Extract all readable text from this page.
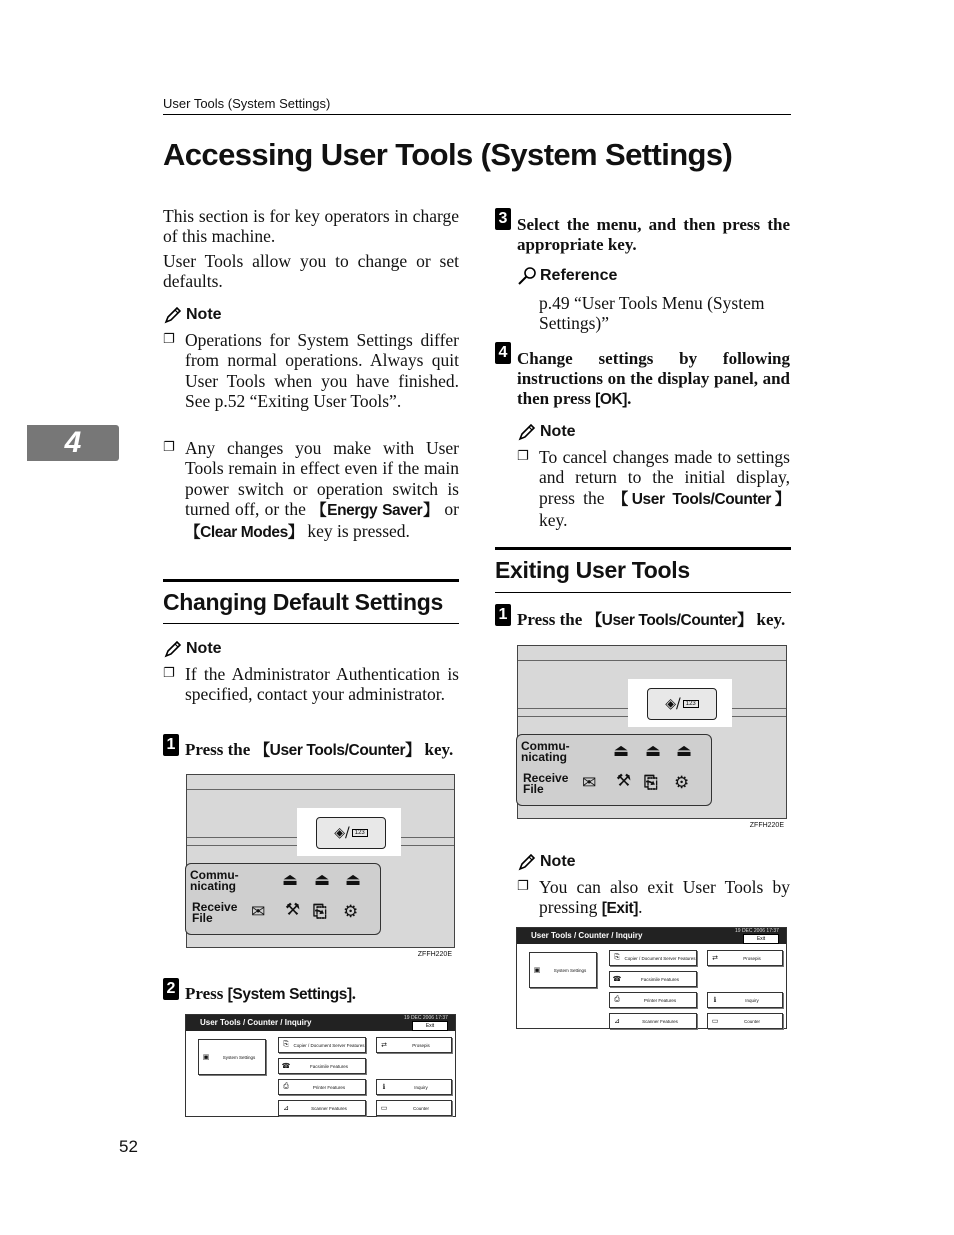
User Tools (System Settings)
Accessing User Tools (System Settings)
4
This section is for key operators in charge of this machine.
User Tools allow you to change or set defaults.
Note
❐ Operations for System Settings differ from normal operations. Always quit User Tools when you have finished. See p.52 “Exiting User Tools”.
❐ Any changes you make with User Tools remain in effect even if the main power switch or operation switch is turned off, or the 【Energy Saver】 or 【Clear Modes】 key is pressed.
Changing Default Settings
Note
❐ If the Administrator Authentication is specified, contact your administrator.
1 Press the 【User Tools/Counter】 key.
◈/ 123
Commu-
nicating
Receive
File
⏏ ⏏ ⏏
✉ ⚒ ⎘ ⚙
ZFFH220E
2 Press [System Settings].
User Tools / Counter / Inquiry	19 DEC 2006 17:37
Exit
▣	System Settings
⎘	Copier / Document Server Features
☎	Facsimile Features
⎙	Printer Features
⊿	Scanner Features
⇄	Prosepis
ℹ	Inquiry
▭	Counter
52
3 Select the menu, and then press the appropriate key.
Reference
p.49 “User Tools Menu (System Settings)”
4 Change settings by following instructions on the display panel, and then press [OK].
Note
❐ To cancel changes made to settings and return to the initial display, press the 【User Tools/Counter】 key.
Exiting User Tools
1 Press the 【User Tools/Counter】 key.
◈/ 123
Commu-
nicating
Receive
File
⏏ ⏏ ⏏
✉ ⚒ ⎘ ⚙
ZFFH220E
Note
❐ You can also exit User Tools by pressing [Exit].
User Tools / Counter / Inquiry	19 DEC 2006 17:37
Exit
▣	System Settings
⎘	Copier / Document Server Features
☎	Facsimile Features
⎙	Printer Features
⊿	Scanner Features
⇄	Prosepis
ℹ	Inquiry
▭	Counter
